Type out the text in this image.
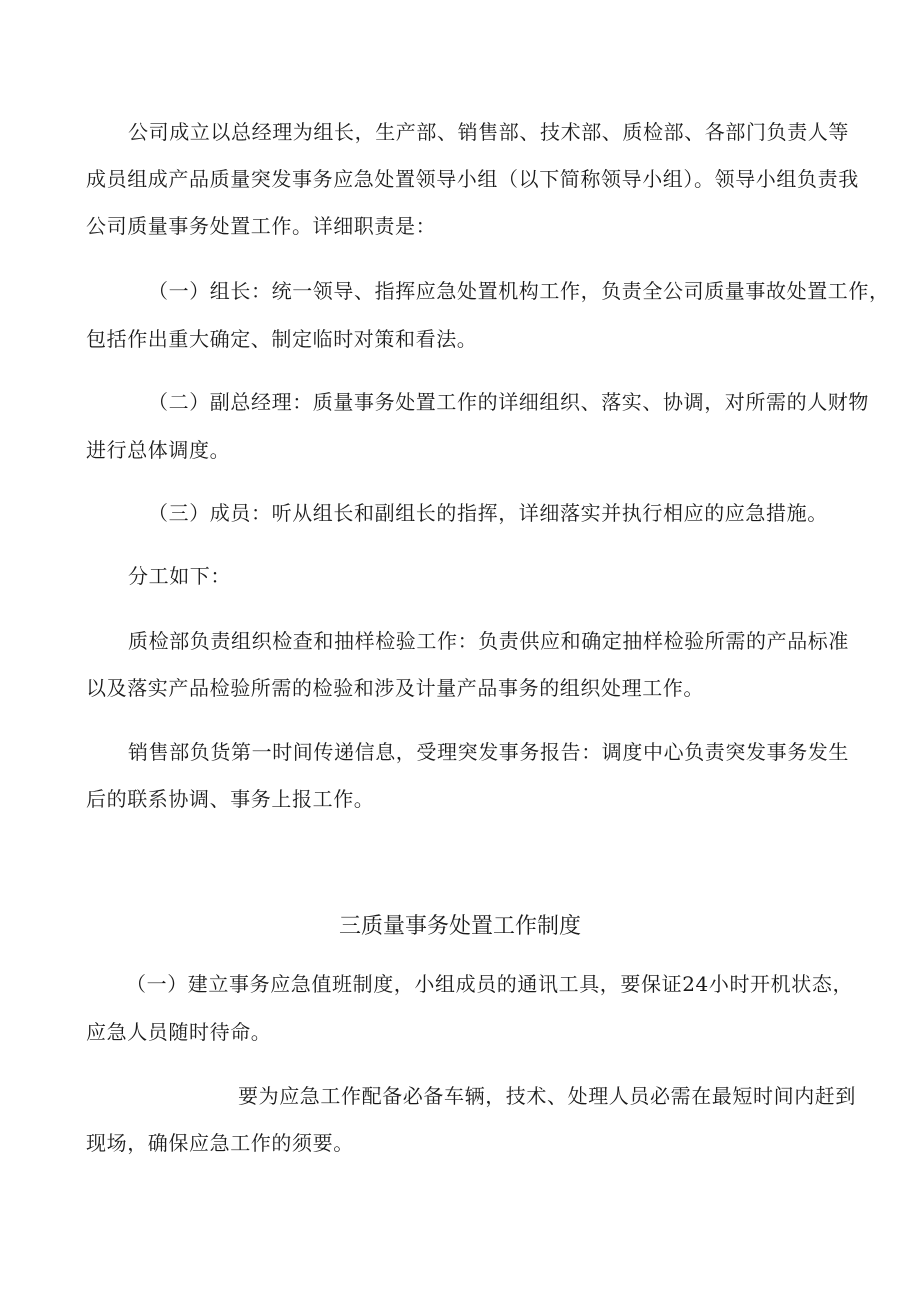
公司成立以总经理为组长，生产部、销售部、技术部、质检部、各部门负责人等
成员组成产品质量突发事务应急处置领导小组（以下简称领导小组）。领导小组负责我
公司质量事务处置工作。详细职责是：
（一）组长：统一领导、指挥应急处置机构工作，负责全公司质量事故处置工作，
包括作出重大确定、制定临时对策和看法。
（二）副总经理：质量事务处置工作的详细组织、落实、协调，对所需的人财物
进行总体调度。
（三）成员：听从组长和副组长的指挥，详细落实并执行相应的应急措施。
分工如下：
质检部负责组织检查和抽样检验工作：负责供应和确定抽样检验所需的产品标准
以及落实产品检验所需的检验和涉及计量产品事务的组织处理工作。
销售部负货第一时间传递信息，受理突发事务报告：调度中心负责突发事务发生
后的联系协调、事务上报工作。
三质量事务处置工作制度
（一）建立事务应急值班制度，小组成员的通讯工具，要保证24小时开机状态，
应急人员随时待命。
要为应急工作配备必备车辆，技术、处理人员必需在最短时间内赶到
现场，确保应急工作的须要。
